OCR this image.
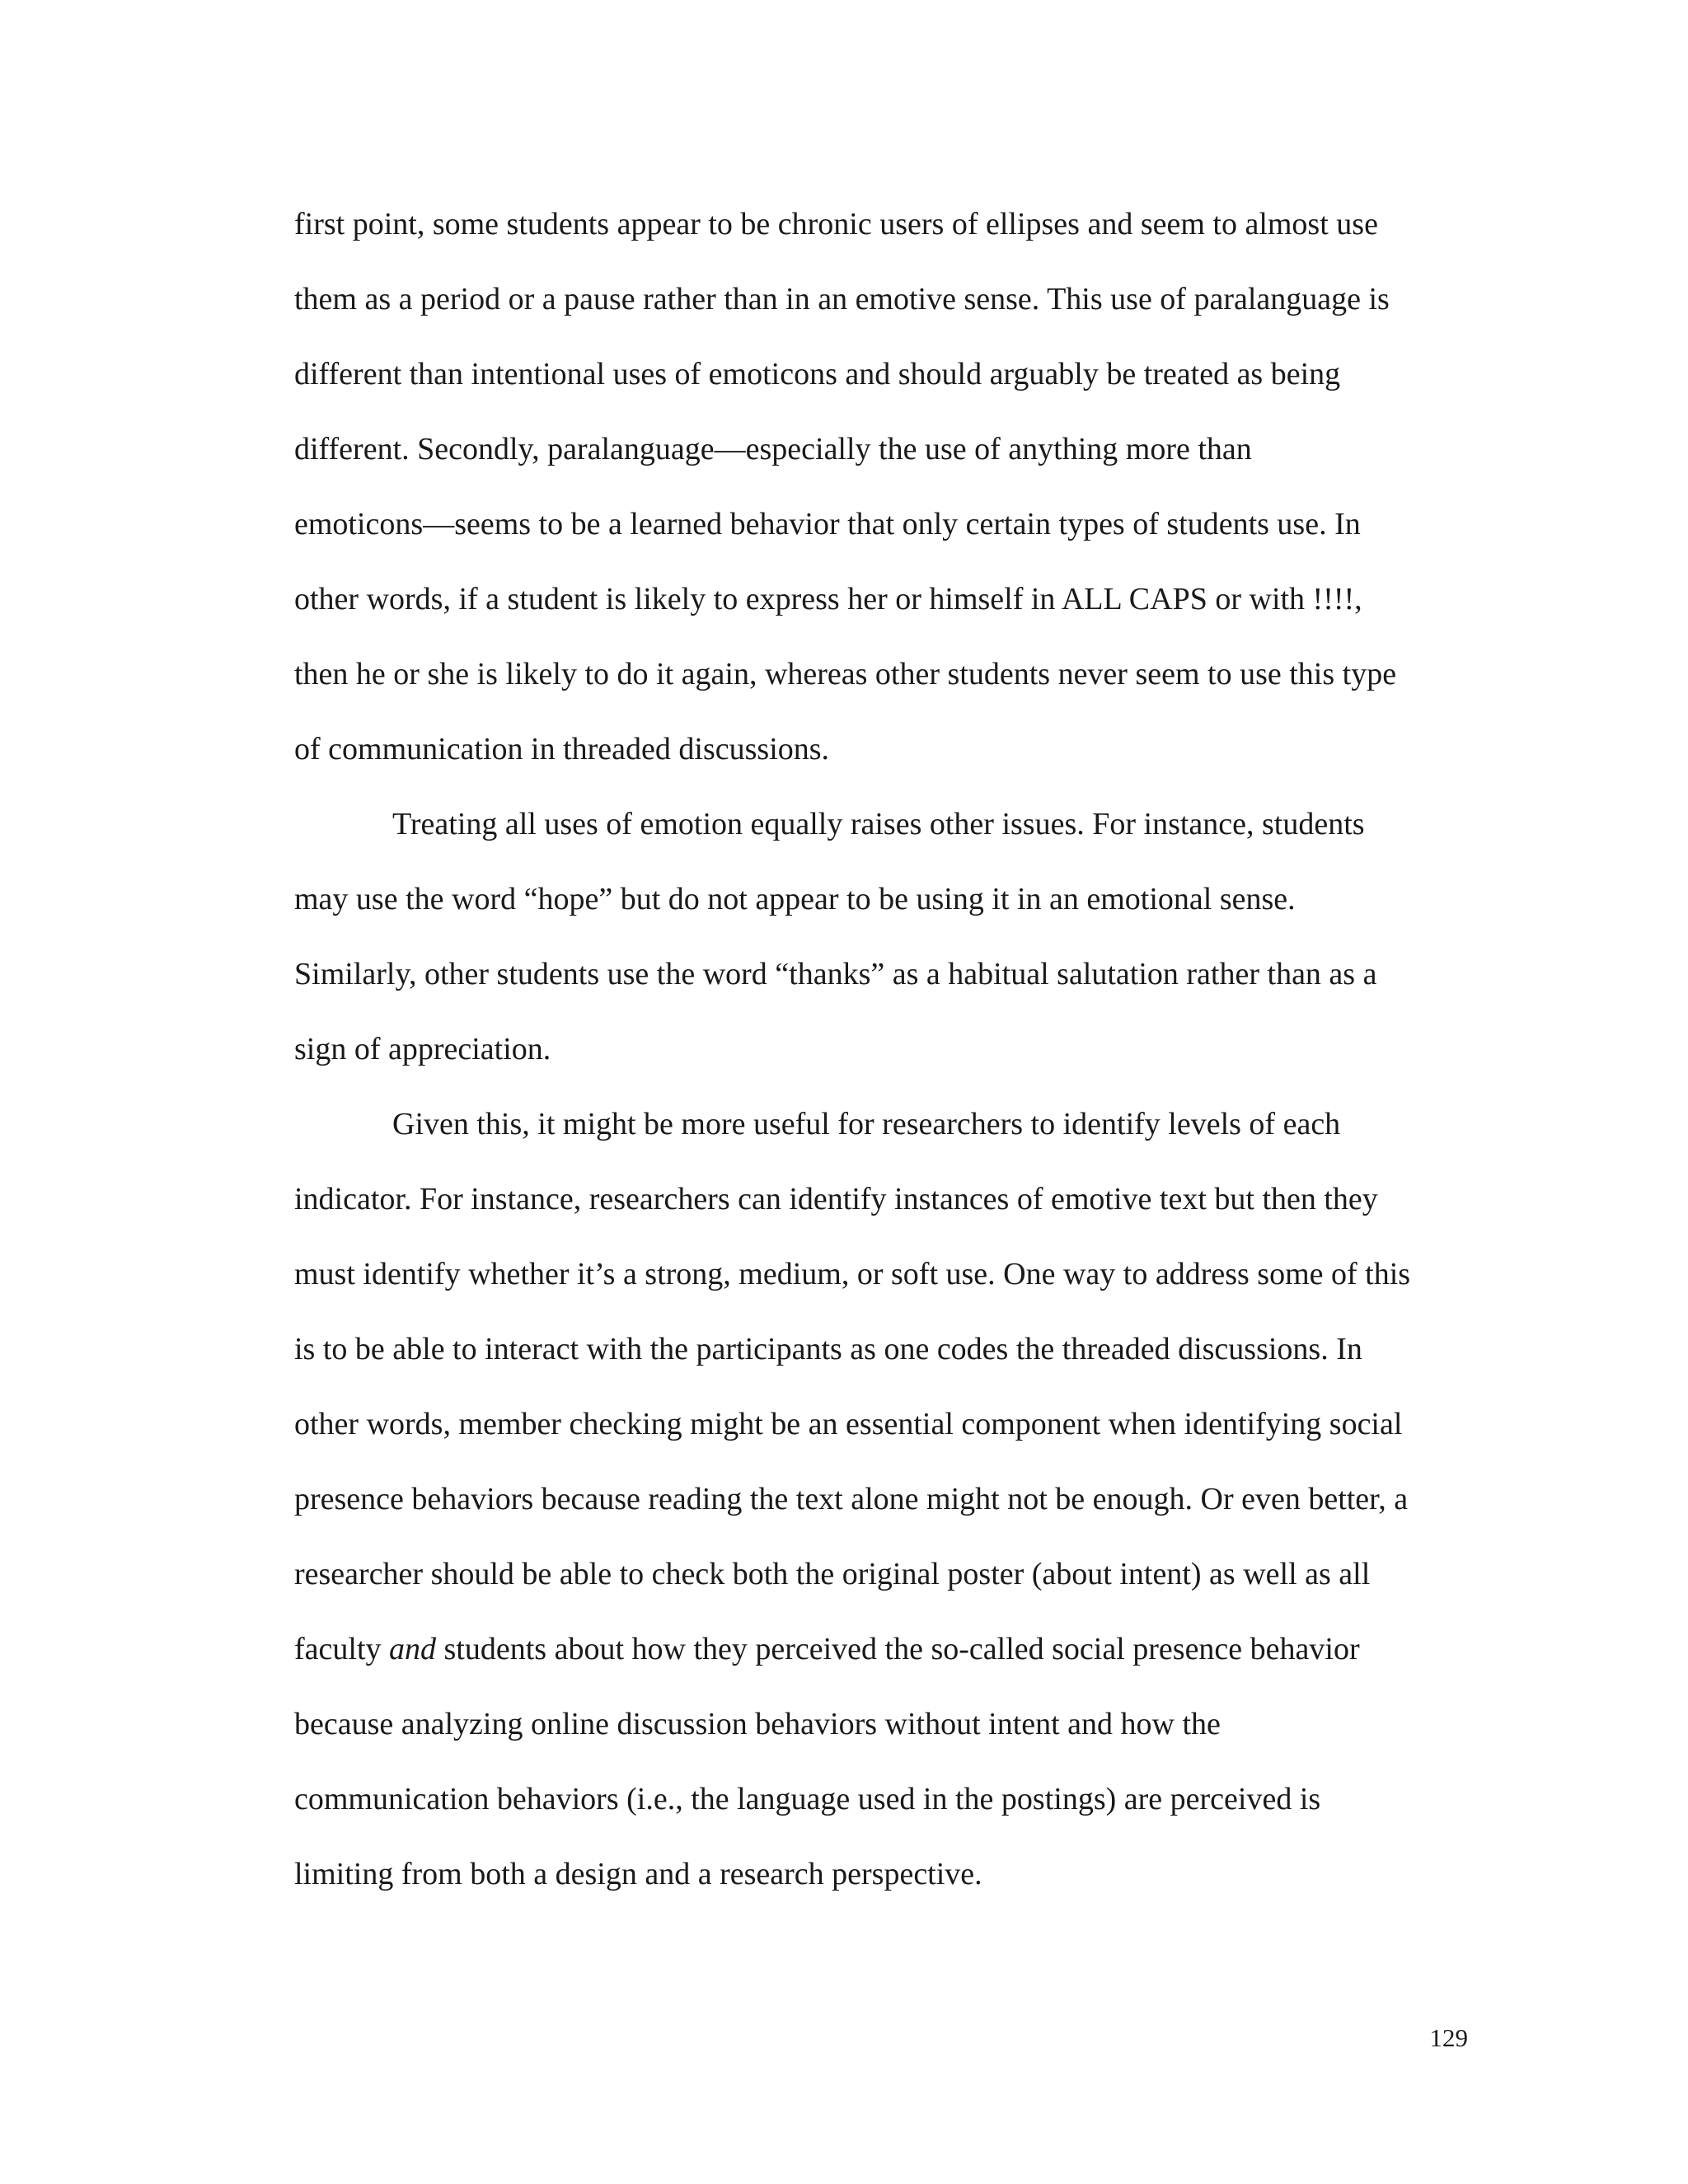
first point, some students appear to be chronic users of ellipses and seem to almost use
them as a period or a pause rather than in an emotive sense. This use of paralanguage is
different than intentional uses of emoticons and should arguably be treated as being
different. Secondly, paralanguage—especially the use of anything more than
emoticons—seems to be a learned behavior that only certain types of students use. In
other words, if a student is likely to express her or himself in ALL CAPS or with !!!!,
then he or she is likely to do it again, whereas other students never seem to use this type
of communication in threaded discussions.
Treating all uses of emotion equally raises other issues. For instance, students
may use the word “hope” but do not appear to be using it in an emotional sense.
Similarly, other students use the word “thanks” as a habitual salutation rather than as a
sign of appreciation.
Given this, it might be more useful for researchers to identify levels of each
indicator. For instance, researchers can identify instances of emotive text but then they
must identify whether it’s a strong, medium, or soft use. One way to address some of this
is to be able to interact with the participants as one codes the threaded discussions. In
other words, member checking might be an essential component when identifying social
presence behaviors because reading the text alone might not be enough. Or even better, a
researcher should be able to check both the original poster (about intent) as well as all
faculty and students about how they perceived the so-called social presence behavior
because analyzing online discussion behaviors without intent and how the
communication behaviors (i.e., the language used in the postings) are perceived is
limiting from both a design and a research perspective.
129
